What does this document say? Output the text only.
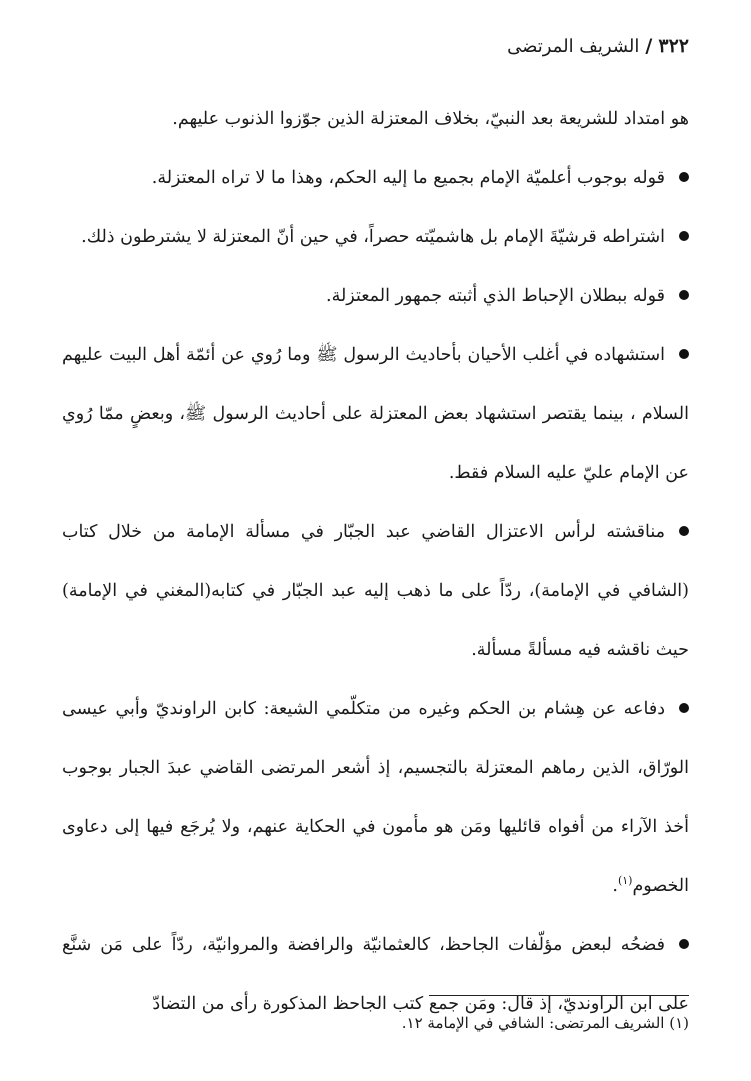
٣٢٢
/
الشريف المرتضى

هو امتداد للشريعة بعد النبيّ، بخلاف المعتزلة الذين جوّزوا الذنوب عليهم.

قوله بوجوب أعلميّة الإمام بجميع ما إليه الحكم، وهذا ما لا تراه المعتزلة.

اشتراطه قرشيّةَ الإمام بل هاشميّته حصراً، في حين أنّ المعتزلة لا يشترطون ذلك.

قوله ببطلان الإحباط الذي أثبته جمهور المعتزلة.

استشهاده في أغلب الأحيان بأحاديث الرسول ﷺ وما رُوي عن أئمّة أهل البيت عليهم السلام ، بينما يقتصر استشهاد بعض المعتزلة على أحاديث الرسول ﷺ، وبعضٍ ممّا رُوي عن الإمام عليّ عليه السلام فقط.

مناقشته لرأس الاعتزال القاضي عبد الجبّار في مسألة الإمامة من خلال كتاب (الشافي في الإمامة)، ردّاً على ما ذهب إليه عبد الجبّار في كتابه(المغني في الإمامة) حيث ناقشه فيه مسألةً مسألة.

دفاعه عن هِشام بن الحكم وغيره من متكلّمي الشيعة: كابن الراونديّ وأبي عيسى الورّاق، الذين رماهم المعتزلة بالتجسيم، إذ أشعر المرتضى القاضي عبدَ الجبار بوجوب أخذ الآراء من أفواه قائليها ومَن هو مأمون في الحكاية عنهم، ولا يُرجَع فيها إلى دعاوى الخصوم$^{(١)}$.

فضحُه لبعض مؤلّفات الجاحظ، كالعثمانيّة والرافضة والمروانيّة، ردّاً على مَن شنَّع على ابن الراونديّ، إذ قال: ومَن جمع كتب الجاحظ المذكورة رأى من التضادّ

(١) الشريف المرتضى: الشافي في الإمامة ١٢.
